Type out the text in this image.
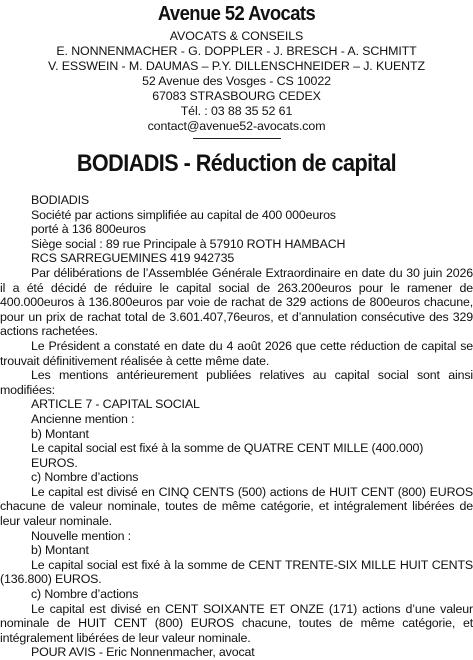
Avenue 52 Avocats
AVOCATS & CONSEILS
E. NONNENMACHER - G. DOPPLER - J. BRESCH - A. SCHMITT
V. ESSWEIN - M. DAUMAS – P.Y. DILLENSCHNEIDER – J. KUENTZ
52 Avenue des Vosges - CS 10022
67083 STRASBOURG CEDEX
Tél. : 03 88 35 52 61
contact@avenue52-avocats.com
BODIADIS - Réduction de capital

BODIADIS

Société par actions simplifiée au capital de 400 000euros

porté à 136 800euros

Siège social : 89 rue Principale à 57910 ROTH HAMBACH

RCS SARREGUEMINES 419 942735

Par délibérations de l’Assemblée Générale Extraordinaire en date du 30 juin 2026 il a été décidé de réduire le capital social de 263.200euros pour le ramener de 400.000euros à 136.800euros par voie de rachat de 329 actions de 800euros chacune, pour un prix de rachat total de 3.601.407,76euros, et d’annulation consécutive des 329 actions rachetées.

Le Président a constaté en date du 4 août 2026 que cette réduction de capital se trouvait définitivement réalisée à cette même date.

Les mentions antérieurement publiées relatives au capital social sont ainsi modifiées:

ARTICLE 7 - CAPITAL SOCIAL

Ancienne mention :

b) Montant

Le capital social est fixé à la somme de QUATRE CENT MILLE (400.000) EUROS.

c) Nombre d’actions

Le capital est divisé en CINQ CENTS (500) actions de HUIT CENT (800) EUROS chacune de valeur nominale, toutes de même catégorie, et intégralement libérées de leur valeur nominale.

Nouvelle mention :

b) Montant

Le capital social est fixé à la somme de CENT TRENTE-SIX MILLE HUIT CENTS (136.800) EUROS.

c) Nombre d’actions

Le capital est divisé en CENT SOIXANTE ET ONZE (171) actions d’une valeur nominale de HUIT CENT (800) EUROS chacune, toutes de même catégorie, et intégralement libérées de leur valeur nominale.

POUR AVIS - Eric Nonnenmacher, avocat
